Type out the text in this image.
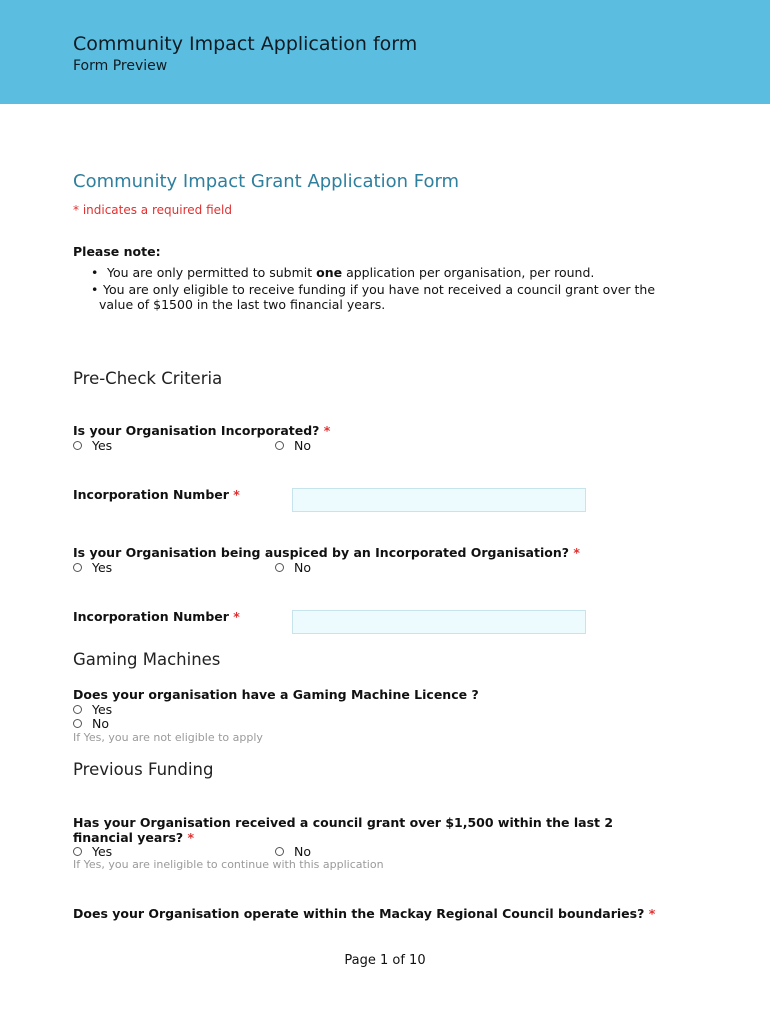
Community Impact Application form
Form Preview
Community Impact Grant Application Form
* indicates a required field
Please note:
• You are only permitted to submit one application per organisation, per round.
• You are only eligible to receive funding if you have not received a council grant over the
value of $1500 in the last two financial years.
Pre-Check Criteria
Is your Organisation Incorporated? *
Yes	No
Incorporation Number *
Is your Organisation being auspiced by an Incorporated Organisation? *
Yes	No
Incorporation Number *
Gaming Machines
Does your organisation have a Gaming Machine Licence ?
Yes
No
If Yes, you are not eligible to apply
Previous Funding
Has your Organisation received a council grant over $1,500 within the last 2
financial years? *
Yes	No
If Yes, you are ineligible to continue with this application
Does your Organisation operate within the Mackay Regional Council boundaries? *
Page 1 of 10
